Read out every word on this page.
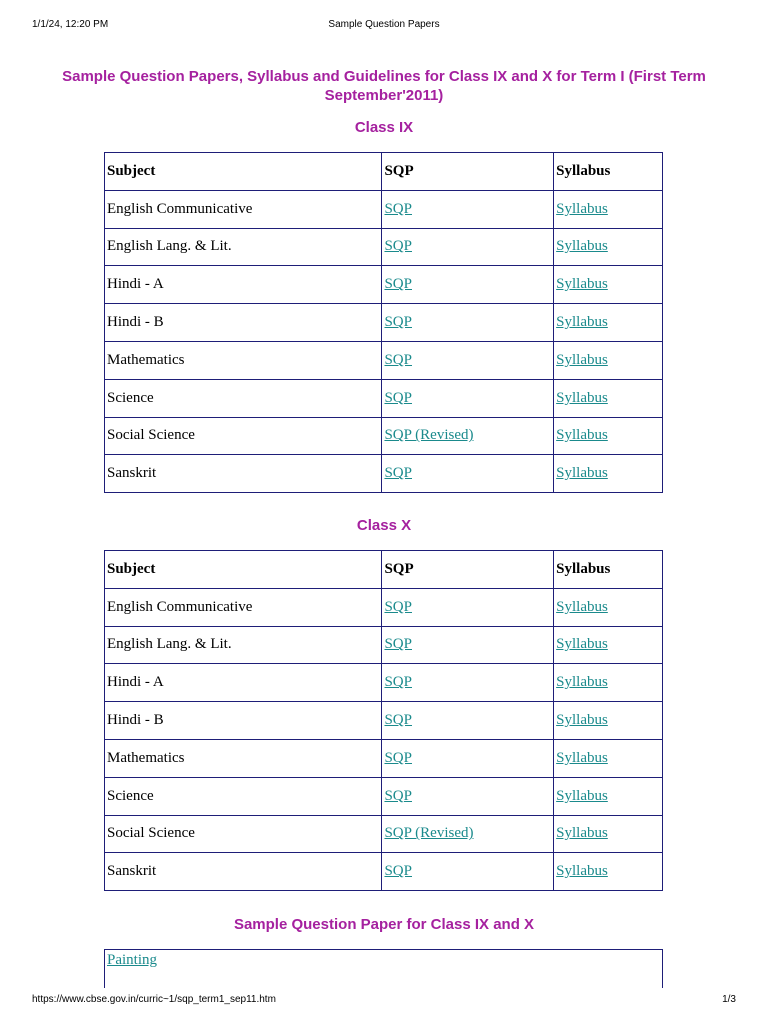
1/1/24, 12:20 PM	Sample Question Papers
Sample Question Papers, Syllabus and Guidelines for Class IX and X for Term I (First Term September'2011)
Class IX
Subject	SQP	Syllabus
English Communicative	SQP	Syllabus
English Lang. & Lit.	SQP	Syllabus
Hindi - A	SQP	Syllabus
Hindi - B	SQP	Syllabus
Mathematics	SQP	Syllabus
Science	SQP	Syllabus
Social Science	SQP (Revised)	Syllabus
Sanskrit	SQP	Syllabus
Class X
Subject	SQP	Syllabus
English Communicative	SQP	Syllabus
English Lang. & Lit.	SQP	Syllabus
Hindi - A	SQP	Syllabus
Hindi - B	SQP	Syllabus
Mathematics	SQP	Syllabus
Science	SQP	Syllabus
Social Science	SQP (Revised)	Syllabus
Sanskrit	SQP	Syllabus
Sample Question Paper for Class IX and X
Painting
https://www.cbse.gov.in/curric~1/sqp_term1_sep11.htm	1/3
